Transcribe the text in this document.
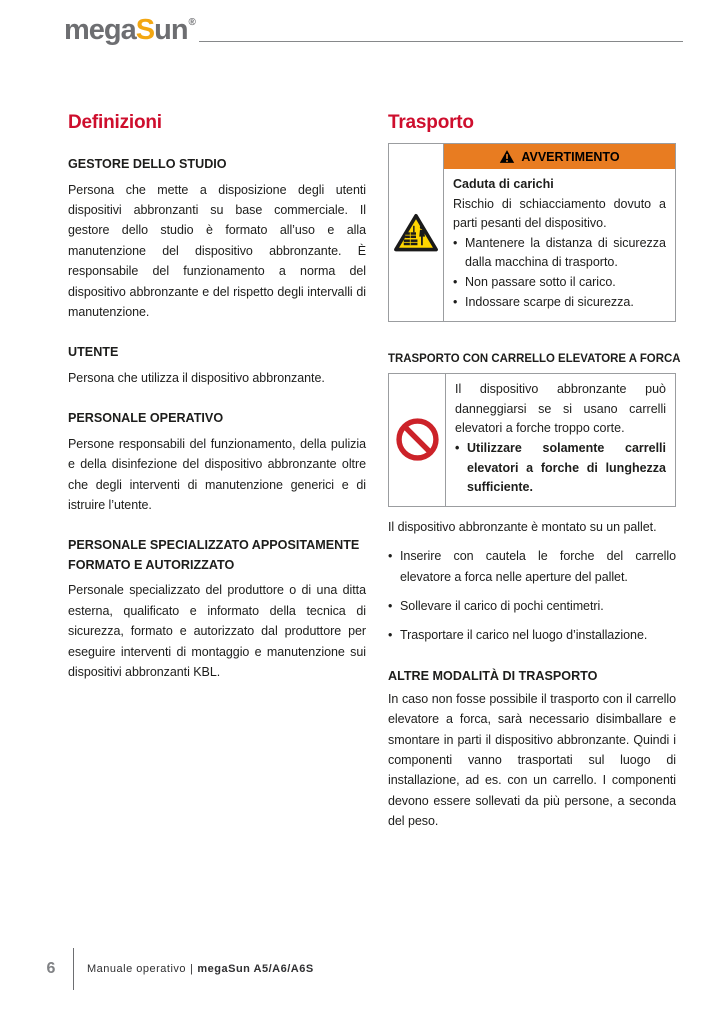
megaSun®
Definizioni
GESTORE DELLO STUDIO
Persona che mette a disposizione degli utenti dispositivi abbronzanti su base commerciale. Il gestore dello studio è formato all’uso e alla manutenzione del dispositivo abbronzante. È responsabile del funzionamento a norma del dispositivo abbronzante e del rispetto degli intervalli di manutenzione.
UTENTE
Persona che utilizza il dispositivo abbronzante.
PERSONALE OPERATIVO
Persone responsabili del funzionamento, della pulizia e della disinfezione del dispositivo abbronzante oltre che degli interventi di manutenzione generici e di istruire l’utente.
PERSONALE SPECIALIZZATO APPOSITAMENTE FORMATO E AUTORIZZATO
Personale specializzato del produttore o di una ditta esterna, qualificato e informato della tecnica di sicurezza, formato e autorizzato dal produttore per eseguire interventi di montaggio e manutenzione sui dispositivi abbronzanti KBL.
Trasporto
AVVERTIMENTO
Caduta di carichi
Rischio di schiacciamento dovuto a parti pesanti del dispositivo.
• Mantenere la distanza di sicurezza dalla macchina di trasporto.
• Non passare sotto il carico.
• Indossare scarpe di sicurezza.
TRASPORTO CON CARRELLO ELEVATORE A FORCA
Il dispositivo abbronzante può danneggiarsi se si usano carrelli elevatori a forche troppo corte.
• Utilizzare solamente carrelli elevatori a forche di lunghezza sufficiente.
Il dispositivo abbronzante è montato su un pallet.
• Inserire con cautela le forche del carrello elevatore a forca nelle aperture del pallet.
• Sollevare il carico di pochi centimetri.
• Trasportare il carico nel luogo d’installazione.
ALTRE MODALITÀ DI TRASPORTO
In caso non fosse possibile il trasporto con il carrello elevatore a forca, sarà necessario disimballare e smontare in parti il dispositivo abbronzante. Quindi i componenti vanno trasportati sul luogo di installazione, ad es. con un carrello. I componenti devono essere sollevati da più persone, a seconda del peso.
6	Manuale operativo | megaSun A5/A6/A6S
